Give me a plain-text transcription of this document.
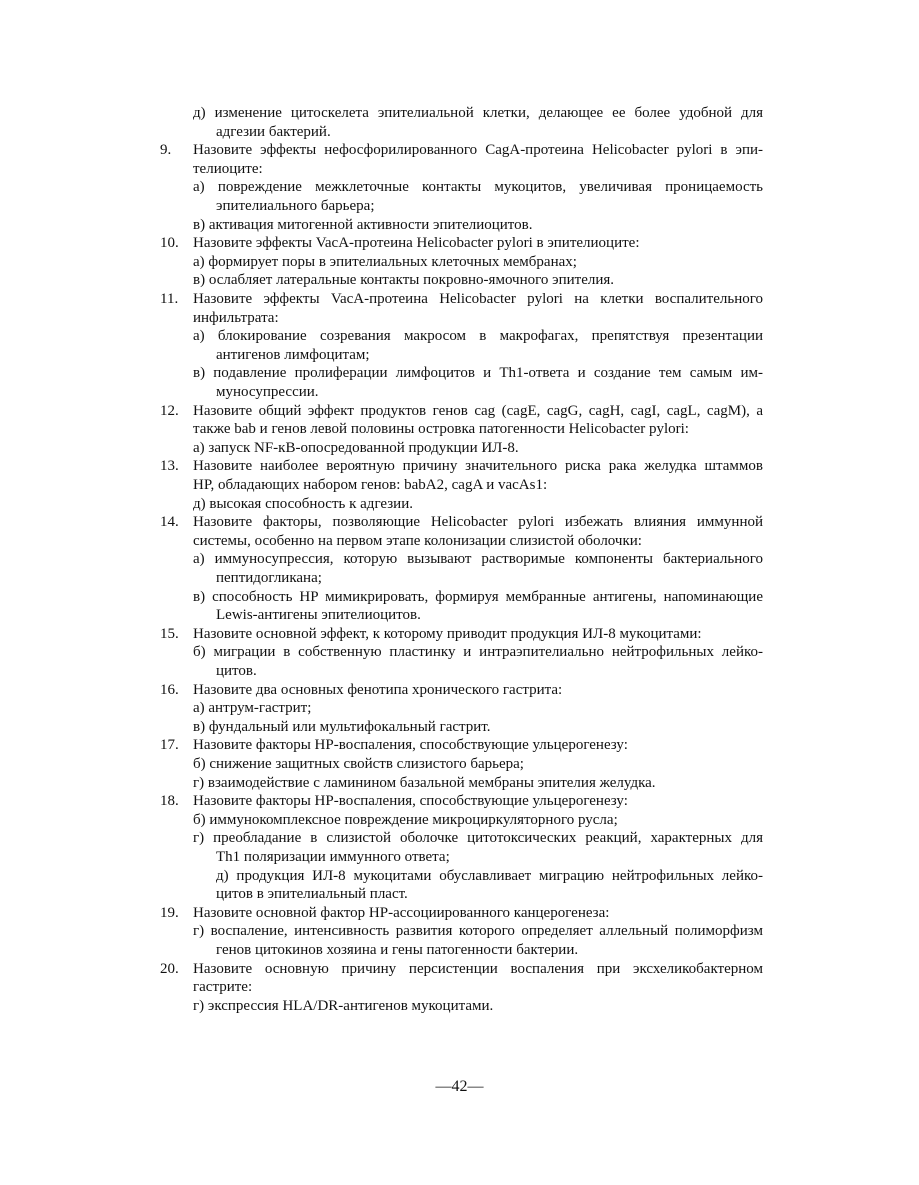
д) изменение цитоскелета эпителиальной клетки, делающее ее более удобной для
адгезии бактерий.
9. Назовите эффекты нефосфорилированного CagA-протеина Helicobacter pylori в эпи-
телиоците:
а) повреждение межклеточные контакты мукоцитов, увеличивая проницаемость
эпителиального барьера;
в) активация митогенной активности эпителиоцитов.
10. Назовите эффекты VacA-протеина Helicobacter pylori в эпителиоците:
а) формирует поры в эпителиальных клеточных мембранах;
в) ослабляет латеральные контакты покровно-ямочного эпителия.
11. Назовите эффекты VacA-протеина Helicobacter pylori на клетки воспалительного
инфильтрата:
а) блокирование созревания макросом в макрофагах, препятствуя презентации
антигенов лимфоцитам;
в) подавление пролиферации лимфоцитов и Th1-ответа и создание тем самым им-
муносупрессии.
12. Назовите общий эффект продуктов генов cag (cagE, cagG, cagH, cagI, cagL, cagM), а
также bab и генов левой половины островка патогенности Helicobacter pylori:
а) запуск NF-кB-опосредованной продукции ИЛ-8.
13. Назовите наиболее вероятную причину значительного риска рака желудка штаммов
HP, обладающих набором генов: babA2, cagA и vacAs1:
д) высокая способность к адгезии.
14. Назовите факторы, позволяющие Helicobacter pylori избежать влияния иммунной
системы, особенно на первом этапе колонизации слизистой оболочки:
а) иммуносупрессия, которую вызывают растворимые компоненты бактериального
пептидогликана;
в) способность HP мимикрировать, формируя мембранные антигены, напоминающие
Lewis-антигены эпителиоцитов.
15. Назовите основной эффект, к которому приводит продукция ИЛ-8 мукоцитами:
б) миграции в собственную пластинку и интраэпителиально нейтрофильных лейко-
цитов.
16. Назовите два основных фенотипа хронического гастрита:
а) антрум-гастрит;
в) фундальный или мультифокальный гастрит.
17. Назовите факторы HP-воспаления, способствующие ульцерогенезу:
б) снижение защитных свойств слизистого барьера;
г) взаимодействие с ламинином базальной мембраны эпителия желудка.
18. Назовите факторы HP-воспаления, способствующие ульцерогенезу:
б) иммунокомплексное повреждение микроциркуляторного русла;
г) преобладание в слизистой оболочке цитотоксических реакций, характерных для
Th1 поляризации иммунного ответа;
д) продукция ИЛ-8 мукоцитами обуславливает миграцию нейтрофильных лейко-
цитов в эпителиальный пласт.
19. Назовите основной фактор HP-ассоциированного канцерогенеза:
г) воспаление, интенсивность развития которого определяет аллельный полиморфизм
генов цитокинов хозяина и гены патогенности бактерии.
20. Назовите основную причину персистенции воспаления при эксхеликобактерном
гастрите:
г) экспрессия HLA/DR-антигенов мукоцитами.
—42—
